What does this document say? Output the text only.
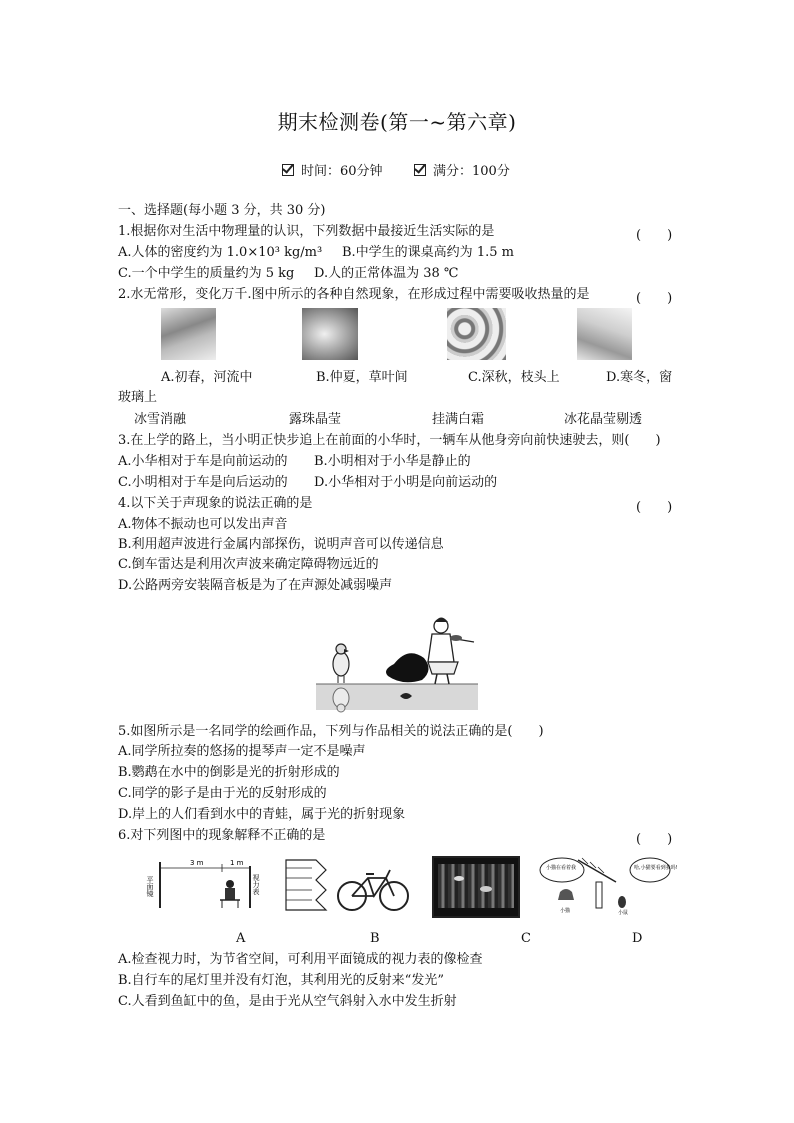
期末检测卷(第一~第六章)
时间：60分钟	满分：100分
一、选择题(每小题 3 分，共 30 分)
1.根据你对生活中物理量的认识，下列数据中最接近生活实际的是	(　　)
A.人体的密度约为 1.0×10³ kg/m³ B.中学生的课桌高约为 1.5 m
C.一个中学生的质量约为 5 kg D.人的正常体温为 38 ℃
2.水无常形，变化万千.图中所示的各种自然现象，在形成过程中需要吸收热量的是	(　　)
A.初春，河流中	B.仲夏，草叶间	C.深秋，枝头上	D.寒冬，窗
玻璃上
冰雪消融	露珠晶莹	挂满白霜	冰花晶莹剔透
3.在上学的路上，当小明正快步追上在前面的小华时，一辆车从他身旁向前快速驶去，则(　　)
A.小华相对于车是向前运动的 B.小明相对于小华是静止的
C.小明相对于车是向后运动的 D.小华相对于小明是向前运动的
4.以下关于声现象的说法正确的是	(　　)
A.物体不振动也可以发出声音
B.利用超声波进行金属内部探伤，说明声音可以传递信息
C.倒车雷达是利用次声波来确定障碍物远近的
D.公路两旁安装隔音板是为了在声源处减弱噪声
5.如图所示是一名同学的绘画作品，下列与作品相关的说法正确的是(　　)
A.同学所拉奏的悠扬的提琴声一定不是噪声
B.鹦鹉在水中的倒影是光的折射形成的
C.同学的影子是由于光的反射形成的
D.岸上的人们看到水中的青蛙，属于光的折射现象
6.对下列图中的现象解释不正确的是	(　　)
3 m	1 m
平面镜	视力表
小猫在看着我	哈,小猫要看到我吗!
小猫	小鼠
A	B	C	D
A.检查视力时，为节省空间，可利用平面镜成的视力表的像检查
B.自行车的尾灯里并没有灯泡，其利用光的反射来“发光”
C.人看到鱼缸中的鱼，是由于光从空气斜射入水中发生折射
